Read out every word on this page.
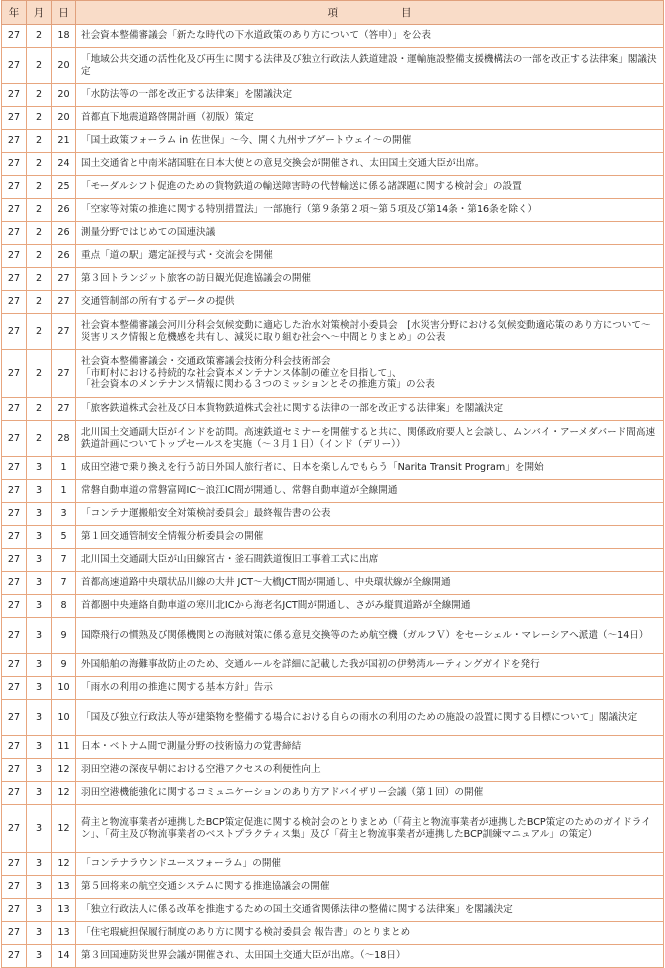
年	月	日	項　　　　　　目
27	2	18	社会資本整備審議会「新たな時代の下水道政策のあり方について（答申）」を公表
27	2	20	「地域公共交通の活性化及び再生に関する法律及び独立行政法人鉄道建設・運輸施設整備支援機構法の一部を改正する法律案」閣議決定
27	2	20	「水防法等の一部を改正する法律案」を閣議決定
27	2	20	首都直下地震道路啓開計画（初版）策定
27	2	21	「国土政策フォーラム in 佐世保」〜今、開く九州サブゲートウェイ〜の開催
27	2	24	国土交通省と中南米諸国駐在日本大使との意見交換会が開催され、太田国土交通大臣が出席。
27	2	25	「モーダルシフト促進のための貨物鉄道の輸送障害時の代替輸送に係る諸課題に関する検討会」の設置
27	2	26	「空家等対策の推進に関する特別措置法」一部施行（第９条第２項〜第５項及び第14条・第16条を除く）
27	2	26	測量分野ではじめての国連決議
27	2	26	重点「道の駅」選定証授与式・交流会を開催
27	2	27	第３回トランジット旅客の訪日観光促進協議会の開催
27	2	27	交通管制部の所有するデータの提供
27	2	27	社会資本整備審議会河川分科会気候変動に適応した治水対策検討小委員会　[水災害分野における気候変動適応策のあり方について〜災害リスク情報と危機感を共有し、減災に取り組む社会へ〜中間とりまとめ」の公表
27	2	27	社会資本整備審議会・交通政策審議会技術分科会技術部会
「市町村における持続的な社会資本メンテナンス体制の確立を目指して」、
「社会資本のメンテナンス情報に関わる３つのミッションとその推進方策」の公表
27	2	27	「旅客鉄道株式会社及び日本貨物鉄道株式会社に関する法律の一部を改正する法律案」を閣議決定
27	2	28	北川国土交通副大臣がインドを訪問。高速鉄道セミナーを開催すると共に、関係政府要人と会談し、ムンバイ・アーメダバード間高速鉄道計画についてトップセールスを実施（〜３月１日）（インド（デリー））
27	3	1	成田空港で乗り換えを行う訪日外国人旅行者に、日本を楽しんでもらう「Narita Transit Program」を開始
27	3	1	常磐自動車道の常磐富岡IC〜浪江IC間が開通し、常磐自動車道が全線開通
27	3	3	「コンテナ運搬船安全対策検討委員会」最終報告書の公表
27	3	5	第１回交通管制安全情報分析委員会の開催
27	3	7	北川国土交通副大臣が山田線宮古・釜石間鉄道復旧工事着工式に出席
27	3	7	首都高速道路中央環状品川線の大井 JCT〜大橋JCT間が開通し、中央環状線が全線開通
27	3	8	首都圏中央連絡自動車道の寒川北ICから海老名JCT間が開通し、さがみ縦貫道路が全線開通
27	3	9	国際飛行の慣熟及び関係機関との海賊対策に係る意見交換等のため航空機（ガルフＶ）をセーシェル・マレーシアへ派遣（〜14日）
27	3	9	外国船舶の海難事故防止のため、交通ルールを詳細に記載した我が国初の伊勢湾ルーティングガイドを発行
27	3	10	「雨水の利用の推進に関する基本方針」告示
27	3	10	「国及び独立行政法人等が建築物を整備する場合における自らの雨水の利用のための施設の設置に関する目標について」閣議決定
27	3	11	日本・ベトナム間で測量分野の技術協力の覚書締結
27	3	12	羽田空港の深夜早朝における空港アクセスの利便性向上
27	3	12	羽田空港機能強化に関するコミュニケーションのあり方アドバイザリー会議（第１回）の開催
27	3	12	荷主と物流事業者が連携したBCP策定促進に関する検討会のとりまとめ（「荷主と物流事業者が連携したBCP策定のためのガイドライン」、「荷主及び物流事業者のベストプラクティス集」及び「荷主と物流事業者が連携したBCP訓練マニュアル」の策定）
27	3	12	「コンテナラウンドユースフォーラム」の開催
27	3	13	第５回将来の航空交通システムに関する推進協議会の開催
27	3	13	「独立行政法人に係る改革を推進するための国土交通省関係法律の整備に関する法律案」を閣議決定
27	3	13	「住宅瑕疵担保履行制度のあり方に関する検討委員会 報告書」のとりまとめ
27	3	14	第３回国連防災世界会議が開催され、太田国土交通大臣が出席。（〜18日）
